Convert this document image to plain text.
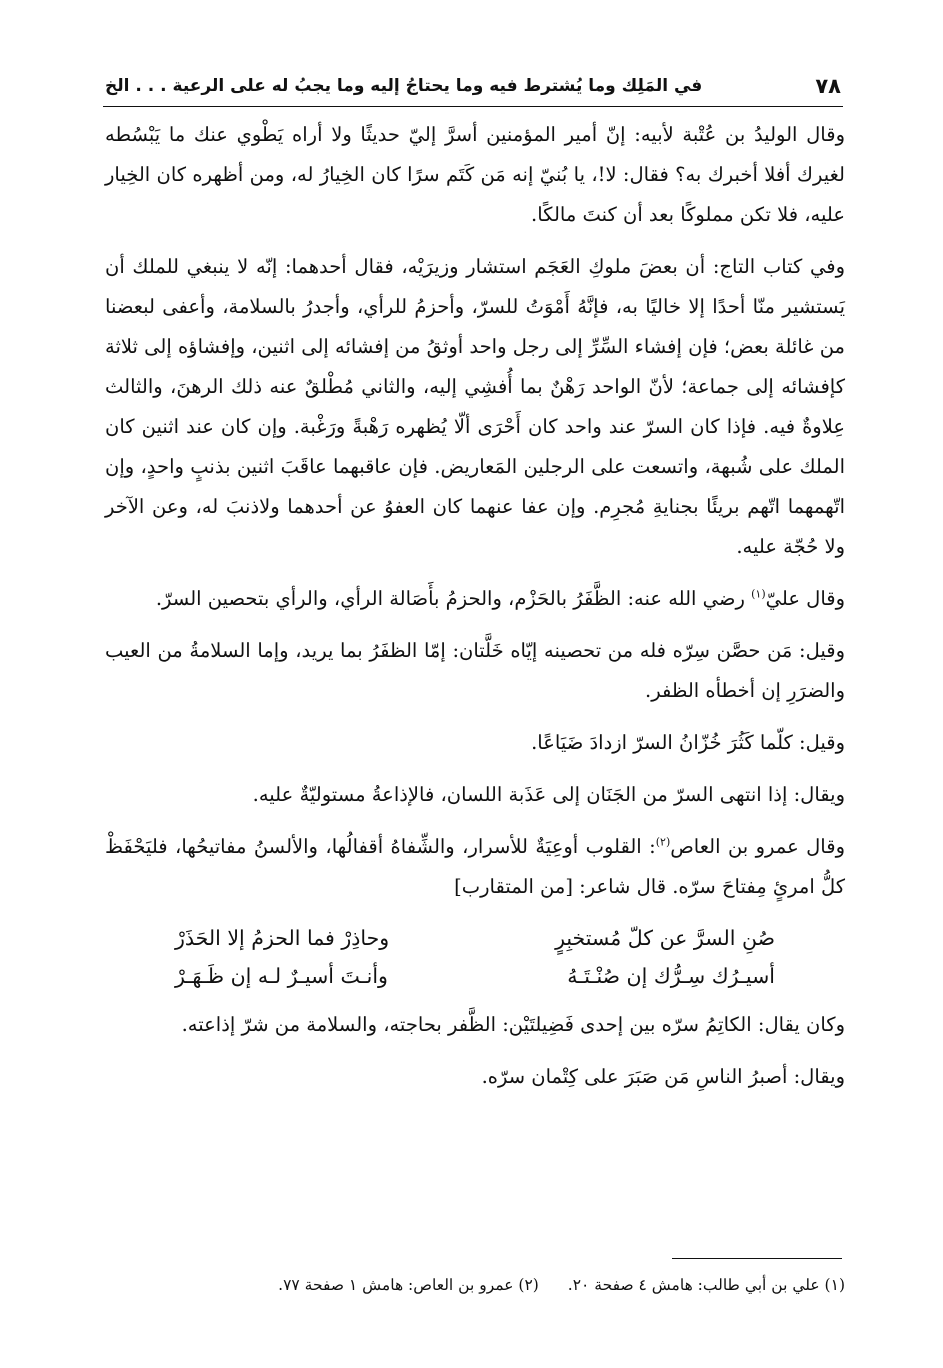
٧٨
في المَلِك وما يُشترط فيه وما يحتاجُ إليه وما يجبُ له على الرعية . . . الخ

وقال الوليدُ بن عُتْبة لأبيه: إنّ أمير المؤمنين أسرَّ إليّ حديثًا ولا أراه يَطْوي عنك ما يَبْسُطه لغيرك أفلا أخبرك به؟ فقال: لا!، يا بُنيّ إنه مَن كَتَم سرًا كان الخِيارُ له، ومن أظهره كان الخِيار عليه، فلا تكن مملوكًا بعد أن كنتَ مالكًا.

وفي كتاب التاج: أن بعضَ ملوكِ العَجَم استشار وزيرَيْه، فقال أحدهما: إنّه لا ينبغي للملك أن يَستشير منّا أحدًا إلا خاليًا به، فإنَّهُ أَمْوَتُ للسرّ، وأحزمُ للرأي، وأجدرُ بالسلامة، وأعفى لبعضنا من غائلة بعض؛ فإن إفشاء السِّرِّ إلى رجل واحد أوثقُ من إفشائه إلى اثنين، وإفشاؤه إلى ثلاثة كإفشائه إلى جماعة؛ لأنّ الواحد رَهْنٌ بما أُفشِي إليه، والثاني مُطْلقٌ عنه ذلك الرهنَ، والثالث عِلاوةٌ فيه. فإذا كان السرّ عند واحد كان أَحْرَى ألّا يُظهره رَهْبةً ورَغْبة. وإن كان عند اثنين كان الملك على شُبهة، واتسعت على الرجلين المَعاريض. فإن عاقبهما عاقَبَ اثنين بذنبٍ واحدٍ، وإن اتّهمهما اتّهم بريئًا بجنايةِ مُجرِم. وإن عفا عنهما كان العفوُ عن أحدهما ولاذنبَ له، وعن الآخر ولا حُجّة عليه.

وقال عليّ$^{(١)}$ رضي الله عنه: الظَّفَرُ بالحَزْم، والحزمُ بأَصَالة الرأي، والرأي بتحصين السرّ.

وقيل: مَن حصَّن سِرّه فله من تحصينه إيّاه خَلَّتان: إمّا الظفَرُ بما يريد، وإما السلامةُ من العيب والضرَرِ إن أخطأه الظفر.

وقيل: كلّما كَثُرَ خُزّانُ السرّ ازدادَ ضَيَاعًا.

ويقال: إذا انتهى السرّ من الجَنَان إلى عَذَبة اللسان، فالإذاعةُ مستوليّةٌ عليه.

وقال عمرو بن العاص$^{(٢)}$: القلوب أوعِيَةٌ للأسرار، والشِّفاهُ أقفالُها، والألسنُ مفاتيحُها، فليَحْفَظْ كلُّ امرئٍ مِفتاحَ سرّه. قال شاعر: [من المتقارب]

صُنِ السرَّ عن كلّ مُستخبِرٍ
وحاذِرْ فما الحزمُ إلا الحَذَرْ
أسيـرُك سِـرُّك إن صُنْـتَـهُ
وأنـتَ أسيـرٌ لـه إن ظَـهَـرْ

وكان يقال: الكاتِمُ سرّه بين إحدى فَضِيلتَيْن: الظَّفر بحاجته، والسلامة من شرّ إذاعته.

ويقال: أصبرُ الناسِ مَن صَبَرَ على كِتْمان سرّه.

(١) علي بن أبي طالب: هامش ٤ صفحة ٢٠. (٢) عمرو بن العاص: هامش ١ صفحة ٧٧.
